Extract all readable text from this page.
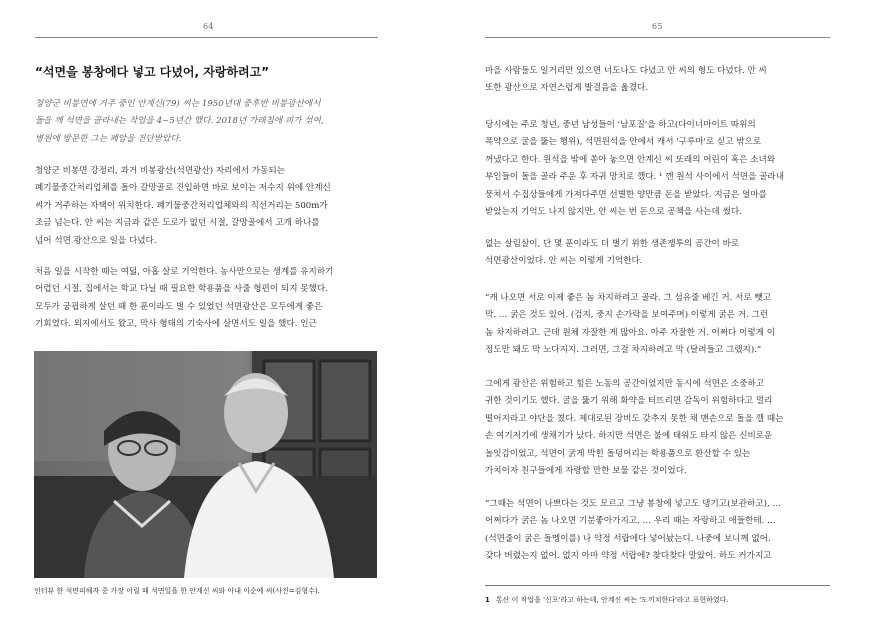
64
“석면을 봉창에다 넣고 다녔어, 자랑하려고”
청양군 비봉면에 거주 중인 안계신(79) 씨는 1950년대 중후반 비봉광산에서
돌을 깨 석면을 골라내는 작업을 4~5년간 했다. 2018년 가래침에 피가 섞여,
병원에 방문한 그는 폐암을 진단받았다.
청양군 비봉면 강정리, 과거 비봉광산(석면광산) 자리에서 가동되는
폐기물중간처리업체를 돌아 갈망골로 진입하면 바로 보이는 저수지 위에 안계신
씨가 거주하는 자택이 위치한다. 폐기물중간처리업체와의 직선거리는 500m가
조금 넘는다. 안 씨는 지금과 같은 도로가 없던 시절, 갈망골에서 고개 하나를
넘어 석면 광산으로 일을 다녔다.
처음 일을 시작한 때는 여덟, 아홉 살로 기억한다. 농사만으로는 생계를 유지하기
어렵던 시절, 집에서는 학교 다닐 때 필요한 학용품을 사줄 형편이 되지 못했다.
모두가 궁핍하게 살던 때 한 푼이라도 벌 수 있었던 석면광산은 모두에게 좋은
기회였다. 외지에서도 왔고, 막사 형태의 기숙사에 살면서도 일을 했다. 인근
인터뷰 한 석면피해자 중 가장 어릴 때 석면일을 한 안계신 씨와 아내 이순예 씨(사진=김형수).
65
마을 사람들도 일거리만 있으면 너도나도 다녔고 안 씨의 형도 다녔다. 안 씨
또한 광산으로 자연스럽게 발걸음을 옮겼다.
당시에는 주로 청년, 중년 남성들이 '남포질'을 하고(다이너마이트 따위의
폭약으로 굴을 뚫는 행위), 석면원석을 안에서 캐서 '구루마'로 싣고 밖으로
꺼냈다고 한다. 원석을 밖에 쏟아 놓으면 안계신 씨 또래의 어린이 혹은 소녀와
부인들이 돌을 골라 주운 후 자귀 망치로 깼다. ¹ 깬 원석 사이에서 석면을 골라내
뭉쳐서 수집상들에게 가져다주면 선별한 양만큼 돈을 받았다. 지금은 얼마를
받았는지 기억도 나지 않지만, 안 씨는 번 돈으로 공책을 사는데 썼다.
없는 살림살이, 단 몇 푼이라도 더 벌기 위한 생존쟁투의 공간이 바로
석면광산이었다. 안 씨는 이렇게 기억한다.
“캐 나오면 서로 이제 좋은 놈 차지하려고 골라. 그 섬유줄 베긴 거. 서로 뺏고
막. … 굵은 것도 있어. (검지, 중지 손가락을 보여주며) 이렇게 굵은 거. 그런
놈 차지하려고. 근데 원체 자잘한 게 많아요. 아주 자잘한 거. 어쩌다 이렇게 이
정도만 돼도 막 노다지지. 그러면, 그걸 차지하려고 막 (달려들고 그랬지).”
그에게 광산은 위험하고 힘든 노동의 공간이었지만 동시에 석면은 소중하고
귀한 것이기도 했다. 굴을 뚫기 위해 화약을 터뜨리면 감독이 위험하다고 멀리
떨어지라고 야단을 쳤다. 제대로된 장비도 갖추지 못한 채 맨손으로 돌을 깰 때는
손 여기저기에 생채기가 났다. 하지만 석면은 불에 태워도 타지 않은 신비로운
놀잇감이었고, 석면이 굵게 박힌 돌덩어리는 학용품으로 환산할 수 있는
가치이자 친구들에게 자랑할 만한 보물 같은 것이었다.
“그때는 석면이 나쁘다는 것도 모르고 그냥 봉창에 넣고도 댕기고(보관하고), …
어쩌다가 굵은 놈 나오면 기분좋아가지고. … 우리 때는 자랑하고 애들한테. …
(석면줄이 굵은 돌멩이를) 나 약정 서랍에다 넣어놨는디. 나중에 보니께 없어.
갖다 버렸는지 없어. 없지 아마 약정 서랍에? 찾다찾다 말았어. 하도 커가지고
1 통산 이 작업을 '신포'라고 하는데, 안계신 씨는 '도끼치한다'라고 표현하였다.
